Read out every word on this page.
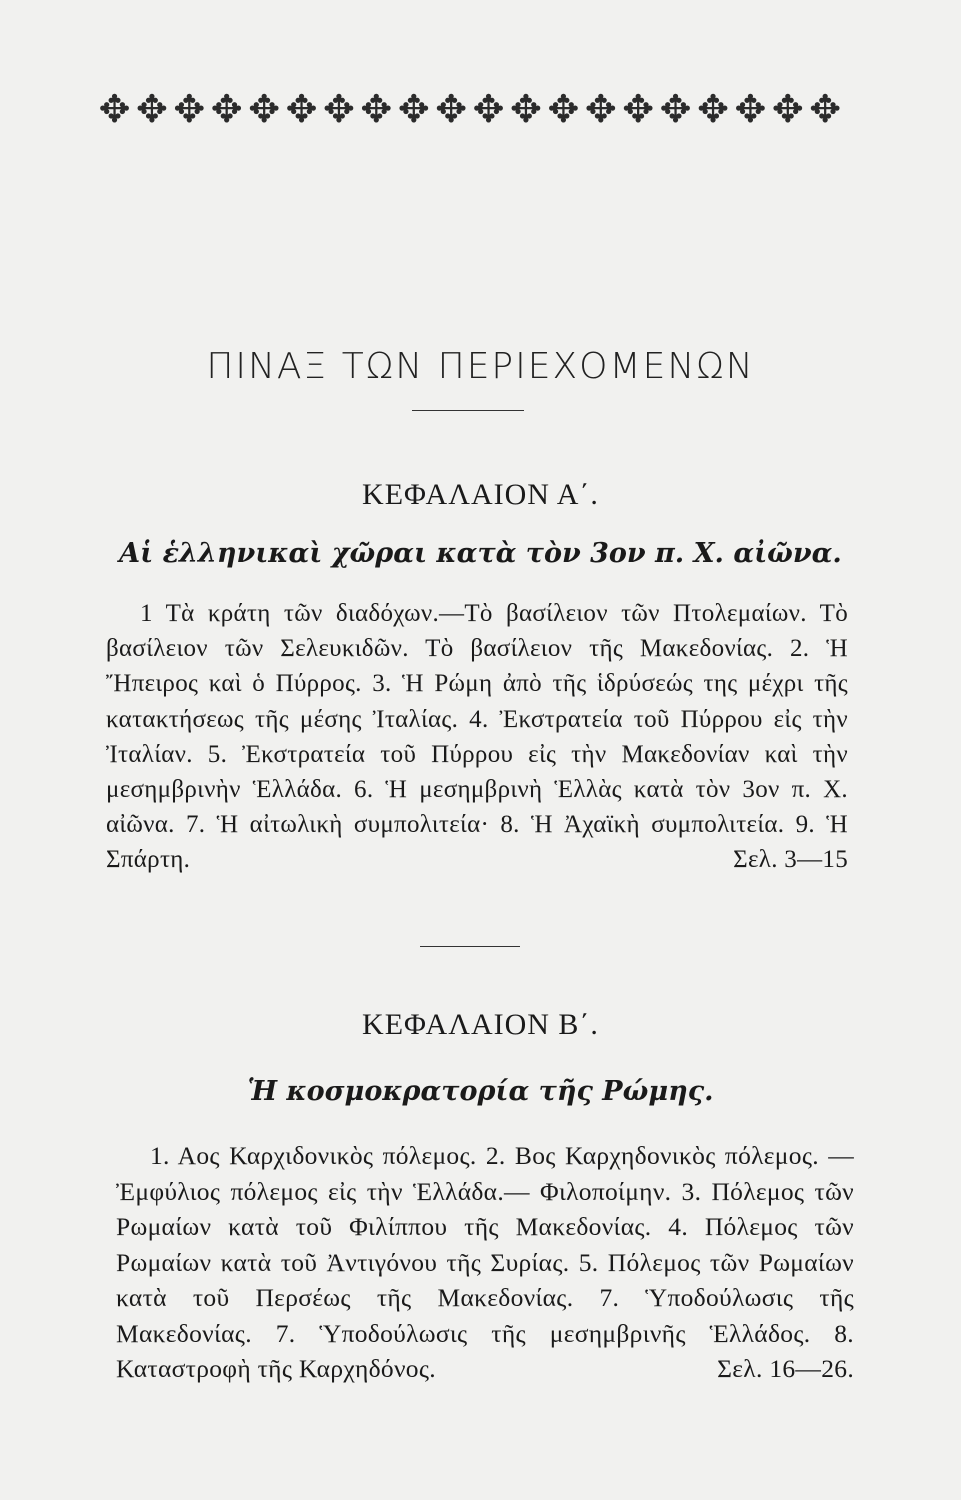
✥ ✥ ✥ ✥ ✥ ✥ ✥ ✥ ✥ ✥ ✥ ✥ ✥ ✥ ✥ ✥ ✥ ✥ ✥ ✥
ΠΙΝΑΞ ΤΩΝ ΠΕΡΙΕΧΟΜΕΝΩΝ
ΚΕΦΑΛΑΙΟΝ Α΄.
Αἱ ἑλληνικαὶ χῶραι κατὰ τὸν 3ον π. Χ. αἰῶνα.
1 Τὰ κράτη τῶν διαδόχων.—Τὸ βασίλειον τῶν Πτολεμαίων. Τὸ βασίλειον τῶν Σελευκιδῶν. Τὸ βασίλειον τῆς Μακεδονίας. 2. Ἡ Ἤπειρος καὶ ὁ Πύρρος. 3. Ἡ Ρώμη ἀπὸ τῆς ἱδρύσεώς της μέχρι τῆς κατακτήσεως τῆς μέσης Ἰταλίας. 4. Ἐκστρατεία τοῦ Πύρρου εἰς τὴν Ἰταλίαν. 5. Ἐκστρατεία τοῦ Πύρρου εἰς τὴν Μακεδονίαν καὶ τὴν μεσημβρινὴν Ἑλλάδα. 6. Ἡ μεσημβρινὴ Ἑλλὰς κατὰ τὸν 3ον π. Χ. αἰῶνα. 7. Ἡ αἰτωλικὴ συμπολιτεία· 8. Ἡ Ἀχαϊκὴ συμπολιτεία. 9. Ἡ Σπάρτη.	Σελ. 3—15
ΚΕΦΑΛΑΙΟΝ Β΄.
Ἡ κοσμοκρατορία τῆς Ρώμης.
1. Αος Καρχιδονικὸς πόλεμος. 2. Βος Καρχηδονικὸς πόλεμος. —Ἐμφύλιος πόλεμος εἰς τὴν Ἑλλάδα.— Φιλοποίμην. 3. Πόλεμος τῶν Ρωμαίων κατὰ τοῦ Φιλίππου τῆς Μακεδονίας. 4. Πόλεμος τῶν Ρωμαίων κατὰ τοῦ Ἀντιγόνου τῆς Συρίας. 5. Πόλεμος τῶν Ρωμαίων κατὰ τοῦ Περσέως τῆς Μακεδονίας. 7. Ὑποδούλωσις τῆς Μακεδονίας. 7. Ὑποδούλωσις τῆς μεσημβρινῆς Ἑλλάδος. 8. Καταστροφὴ τῆς Καρχηδόνος.	Σελ. 16—26.
